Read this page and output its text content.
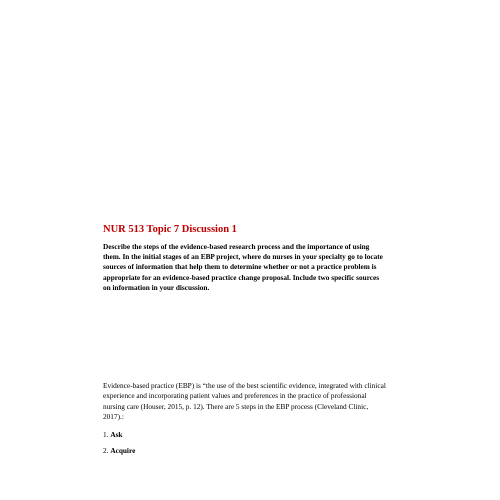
NUR 513 Topic 7 Discussion 1

Describe the steps of the evidence-based research process and the importance of using
them. In the initial stages of an EBP project, where do nurses in your specialty go to locate
sources of information that help them to determine whether or not a practice problem is
appropriate for an evidence-based practice change proposal. Include two specific sources
on information in your discussion.

Evidence-based practice (EBP) is “the use of the best scientific evidence, integrated with clinical
experience and incorporating patient values and preferences in the practice of professional
nursing care (Houser, 2015, p. 12). There are 5 steps in the EBP process (Cleveland Clinic,
2017).:

1. Ask

2. Acquire
